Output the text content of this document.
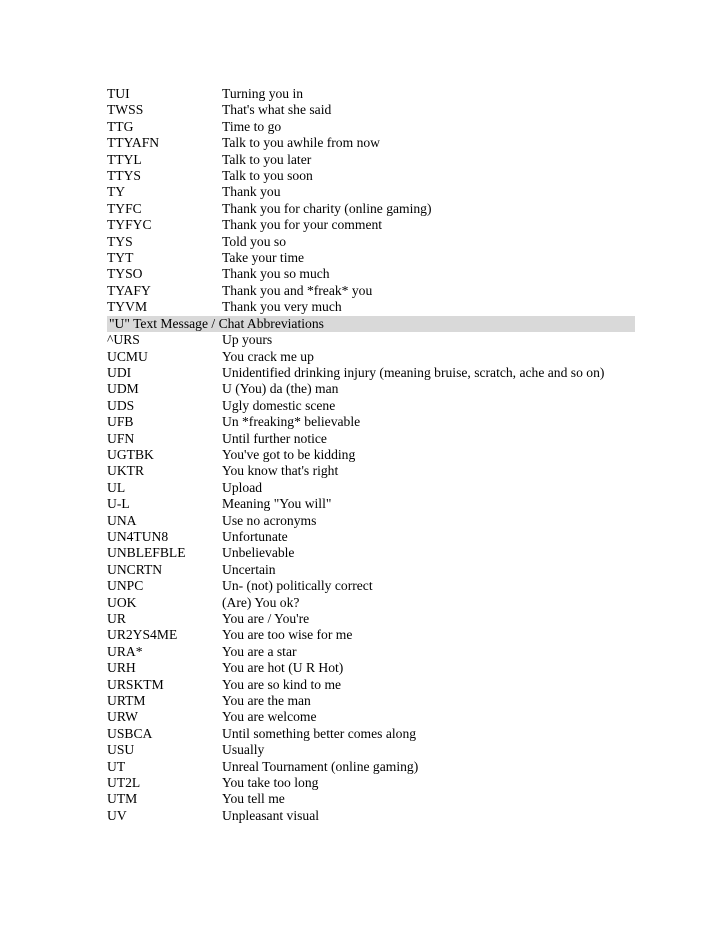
TUI	Turning you in
TWSS	That's what she said
TTG	Time to go
TTYAFN	Talk to you awhile from now
TTYL	Talk to you later
TTYS	Talk to you soon
TY	Thank you
TYFC	Thank you for charity (online gaming)
TYFYC	Thank you for your comment
TYS	Told you so
TYT	Take your time
TYSO	Thank you so much
TYAFY	Thank you and *freak* you
TYVM	Thank you very much
"U" Text Message / Chat Abbreviations
^URS	Up yours
UCMU	You crack me up
UDI	Unidentified drinking injury (meaning bruise, scratch, ache and so on)
UDM	U (You) da (the) man
UDS	Ugly domestic scene
UFB	Un *freaking* believable
UFN	Until further notice
UGTBK	You've got to be kidding
UKTR	You know that's right
UL	Upload
U-L	Meaning "You will"
UNA	Use no acronyms
UN4TUN8	Unfortunate
UNBLEFBLE	Unbelievable
UNCRTN	Uncertain
UNPC	Un- (not) politically correct
UOK	(Are) You ok?
UR	You are / You're
UR2YS4ME	You are too wise for me
URA*	You are a star
URH	You are hot (U R Hot)
URSKTM	You are so kind to me
URTM	You are the man
URW	You are welcome
USBCA	Until something better comes along
USU	Usually
UT	Unreal Tournament (online gaming)
UT2L	You take too long
UTM	You tell me
UV	Unpleasant visual
